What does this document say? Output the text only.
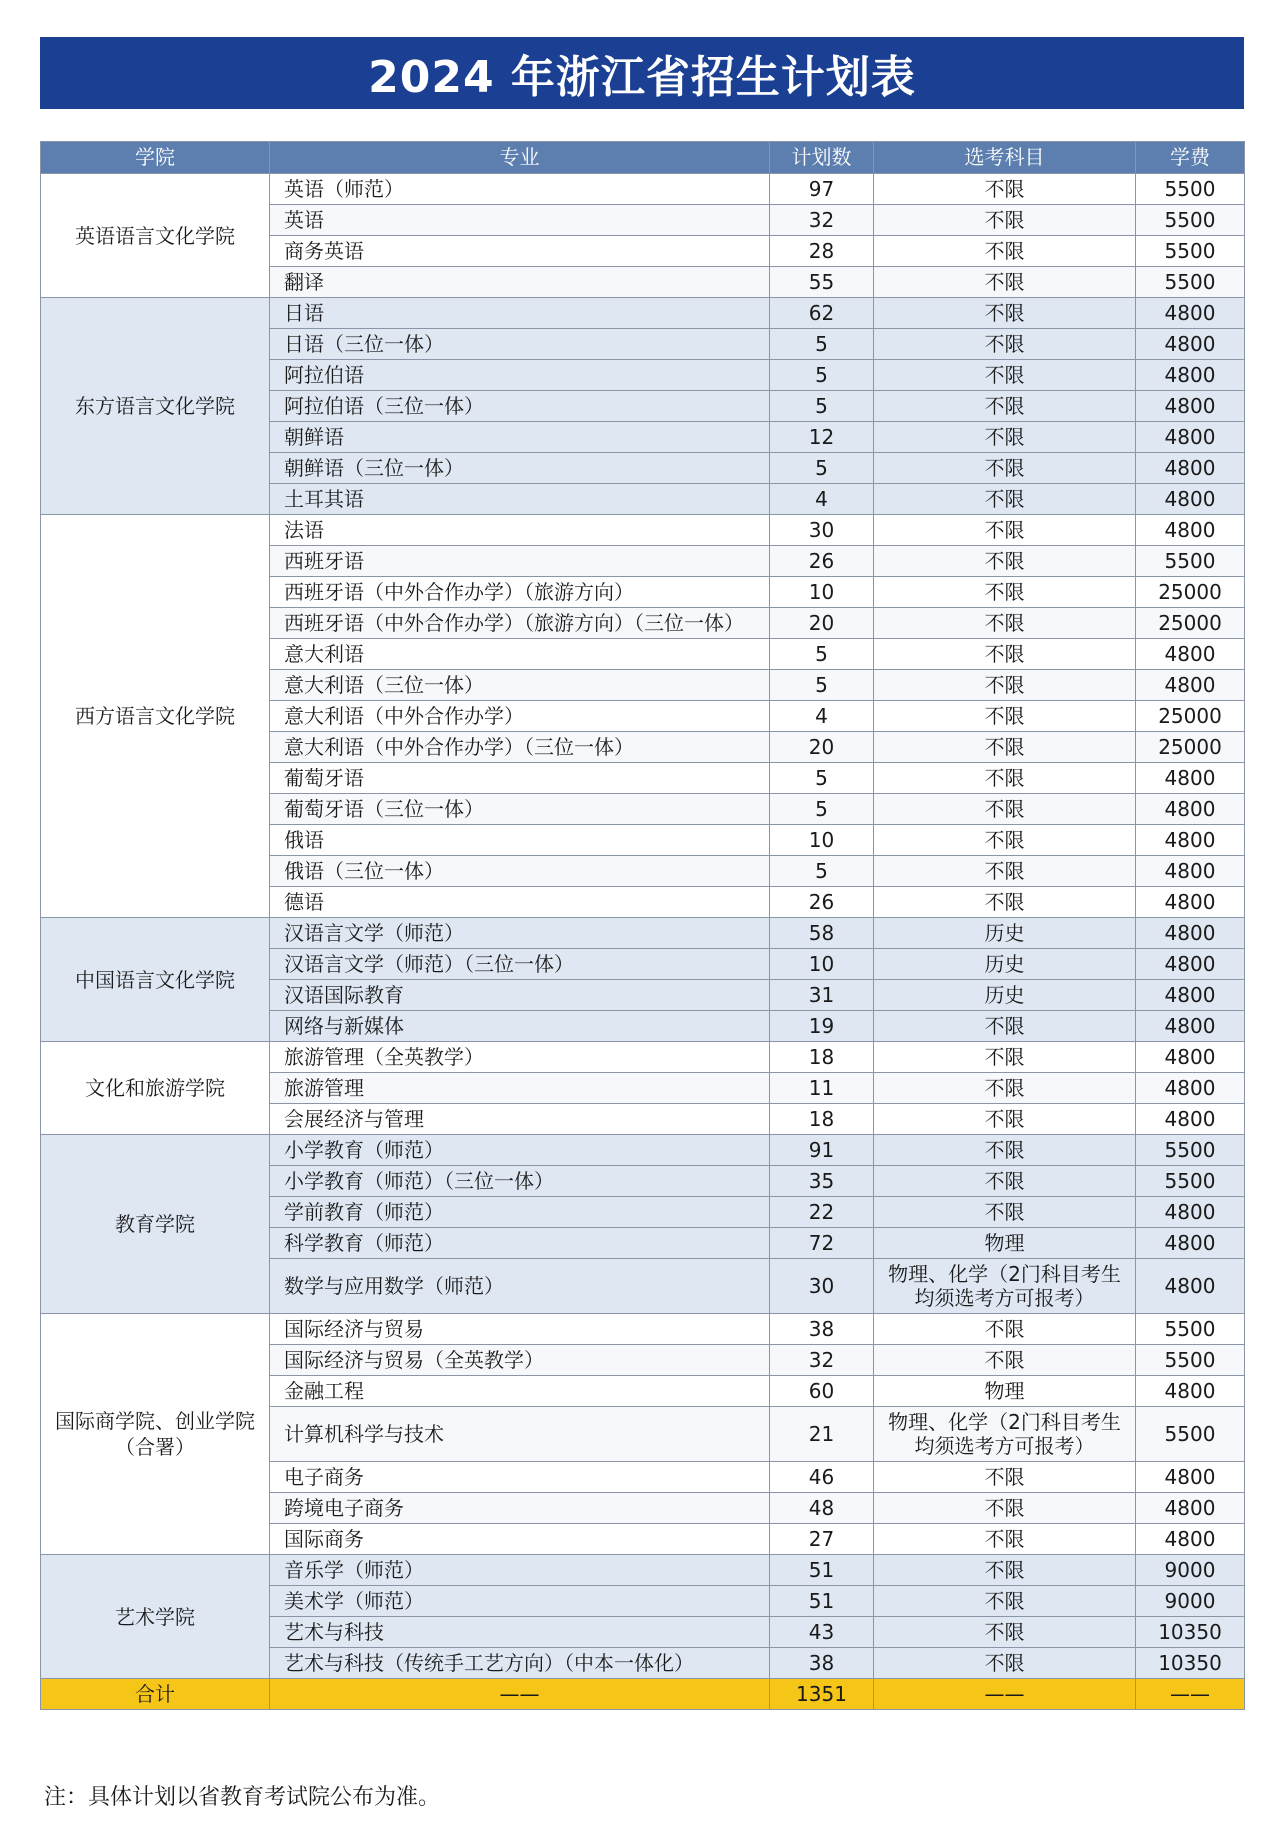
2024 年浙江省招生计划表
学院	专业	计划数	选考科目	学费
英语语言文化学院	英语（师范）	97	不限	5500
	英语	32	不限	5500
	商务英语	28	不限	5500
	翻译	55	不限	5500
东方语言文化学院	日语	62	不限	4800
	日语（三位一体）	5	不限	4800
	阿拉伯语	5	不限	4800
	阿拉伯语（三位一体）	5	不限	4800
	朝鲜语	12	不限	4800
	朝鲜语（三位一体）	5	不限	4800
	土耳其语	4	不限	4800
西方语言文化学院	法语	30	不限	4800
	西班牙语	26	不限	5500
	西班牙语（中外合作办学）（旅游方向）	10	不限	25000
	西班牙语（中外合作办学）（旅游方向）（三位一体）	20	不限	25000
	意大利语	5	不限	4800
	意大利语（三位一体）	5	不限	4800
	意大利语（中外合作办学）	4	不限	25000
	意大利语（中外合作办学）（三位一体）	20	不限	25000
	葡萄牙语	5	不限	4800
	葡萄牙语（三位一体）	5	不限	4800
	俄语	10	不限	4800
	俄语（三位一体）	5	不限	4800
	德语	26	不限	4800
中国语言文化学院	汉语言文学（师范）	58	历史	4800
	汉语言文学（师范）（三位一体）	10	历史	4800
	汉语国际教育	31	历史	4800
	网络与新媒体	19	不限	4800
文化和旅游学院	旅游管理（全英教学）	18	不限	4800
	旅游管理	11	不限	4800
	会展经济与管理	18	不限	4800
教育学院	小学教育（师范）	91	不限	5500
	小学教育（师范）（三位一体）	35	不限	5500
	学前教育（师范）	22	不限	4800
	科学教育（师范）	72	物理	4800
	数学与应用数学（师范）	30	物理、化学（2门科目考生均须选考方可报考）	4800
国际商学院、创业学院（合署）	国际经济与贸易	38	不限	5500
	国际经济与贸易（全英教学）	32	不限	5500
	金融工程	60	物理	4800
	计算机科学与技术	21	物理、化学（2门科目考生均须选考方可报考）	5500
	电子商务	46	不限	4800
	跨境电子商务	48	不限	4800
	国际商务	27	不限	4800
艺术学院	音乐学（师范）	51	不限	9000
	美术学（师范）	51	不限	9000
	艺术与科技	43	不限	10350
	艺术与科技（传统手工艺方向）（中本一体化）	38	不限	10350
合计	——	1351	——	——
注：具体计划以省教育考试院公布为准。
